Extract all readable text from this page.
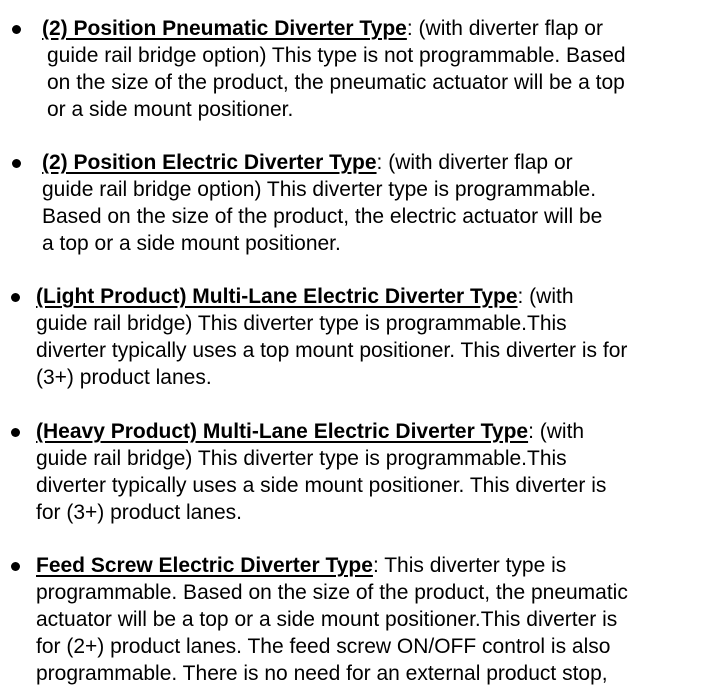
(2) Position Pneumatic Diverter Type: (with diverter flap or
guide rail bridge option) This type is not programmable. Based
on the size of the product, the pneumatic actuator will be a top
or a side mount positioner.
(2) Position Electric Diverter Type: (with diverter flap or
guide rail bridge option) This diverter type is programmable.
Based on the size of the product, the electric actuator will be
a top or a side mount positioner.
(Light Product) Multi-Lane Electric Diverter Type: (with
guide rail bridge) This diverter type is programmable.This
diverter typically uses a top mount positioner. This diverter is for
(3+) product lanes.
(Heavy Product) Multi-Lane Electric Diverter Type: (with
guide rail bridge) This diverter type is programmable.This
diverter typically uses a side mount positioner. This diverter is
for (3+) product lanes.
Feed Screw Electric Diverter Type: This diverter type is
programmable. Based on the size of the product, the pneumatic
actuator will be a top or a side mount positioner.This diverter is
for (2+) product lanes. The feed screw ON/OFF control is also
programmable. There is no need for an external product stop,
